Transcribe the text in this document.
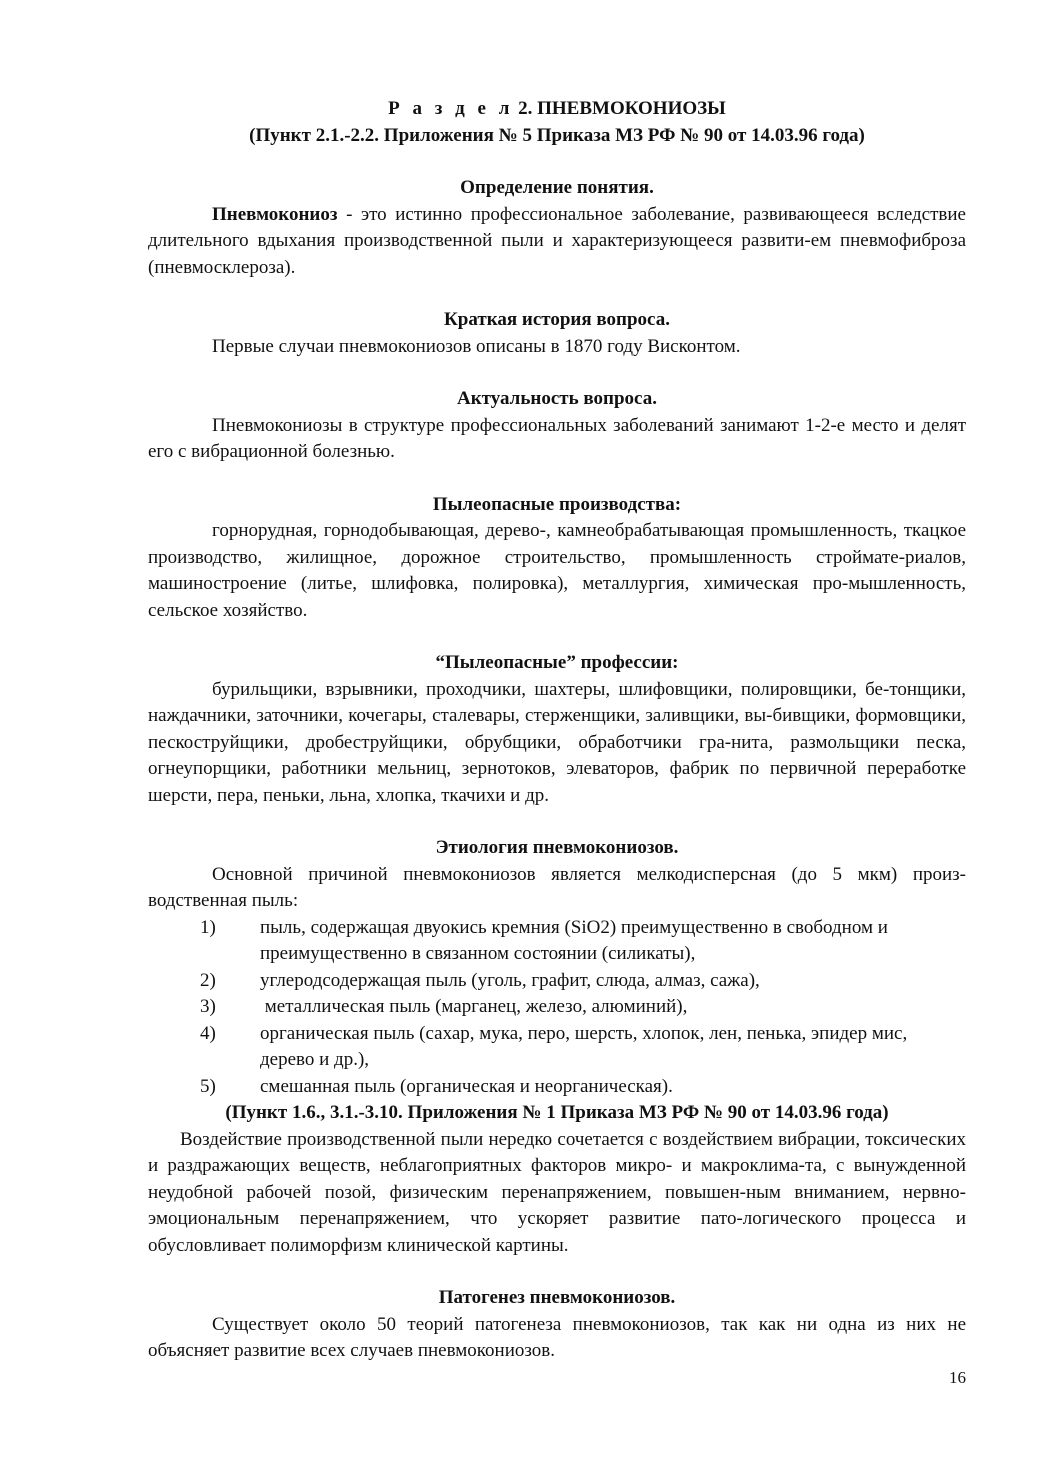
Р а з д е л 2. ПНЕВМОКОНИОЗЫ
(Пункт 2.1.-2.2. Приложения № 5 Приказа МЗ РФ № 90 от 14.03.96 года)
Определение понятия.

Пневмокониоз - это истинно профессиональное заболевание, развивающееся вследствие длительного вдыхания производственной пыли и характеризующееся развити-ем пневмофиброза (пневмосклероза).

Краткая история вопроса.

Первые случаи пневмокониозов описаны в 1870 году Висконтом.

Актуальность вопроса.

Пневмокониозы в структуре профессиональных заболеваний занимают 1-2-е место и делят его с вибрационной болезнью.

Пылеопасные производства:

горнорудная, горнодобывающая, дерево-, камнеобрабатывающая промышленность, ткацкое производство, жилищное, дорожное строительство, промышленность строймате-риалов, машиностроение (литье, шлифовка, полировка), металлургия, химическая про-мышленность, сельское хозяйство.

“Пылеопасные” профессии:

бурильщики, взрывники, проходчики, шахтеры, шлифовщики, полировщики, бе-тонщики, наждачники, заточники, кочегары, сталевары, стерженщики, заливщики, вы-бивщики, формовщики, пескоструйщики, дробеструйщики, обрубщики, обработчики гра-нита, размольщики песка, огнеупорщики, работники мельниц, зернотоков, элеваторов, фабрик по первичной переработке шерсти, пера, пеньки, льна, хлопка, ткачихи и др.

Этиология пневмокониозов.

Основной причиной пневмокониозов является мелкодисперсная (до 5 мкм) произ-водственная пыль:

1) пыль, содержащая двуокись кремния (SiO2) преимущественно в свободном и преимущественно в связанном состоянии (силикаты),
2) углеродсодержащая пыль (уголь, графит, слюда, алмаз, сажа),
3) металлическая пыль (марганец, железо, алюминий),
4) органическая пыль (сахар, мука, перо, шерсть, хлопок, лен, пенька, эпидер мис, дерево и др.),
5) смешанная пыль (органическая и неорганическая).
(Пункт 1.6., 3.1.-3.10. Приложения № 1 Приказа МЗ РФ № 90 от 14.03.96 года)

Воздействие производственной пыли нередко сочетается с воздействием вибрации, токсических и раздражающих веществ, неблагоприятных факторов микро- и макроклима-та, с вынужденной неудобной рабочей позой, физическим перенапряжением, повышен-ным вниманием, нервно-эмоциональным перенапряжением, что ускоряет развитие пато-логического процесса и обусловливает полиморфизм клинической картины.

Патогенез пневмокониозов.

Существует около 50 теорий патогенеза пневмокониозов, так как ни одна из них не объясняет развитие всех случаев пневмокониозов.

16
